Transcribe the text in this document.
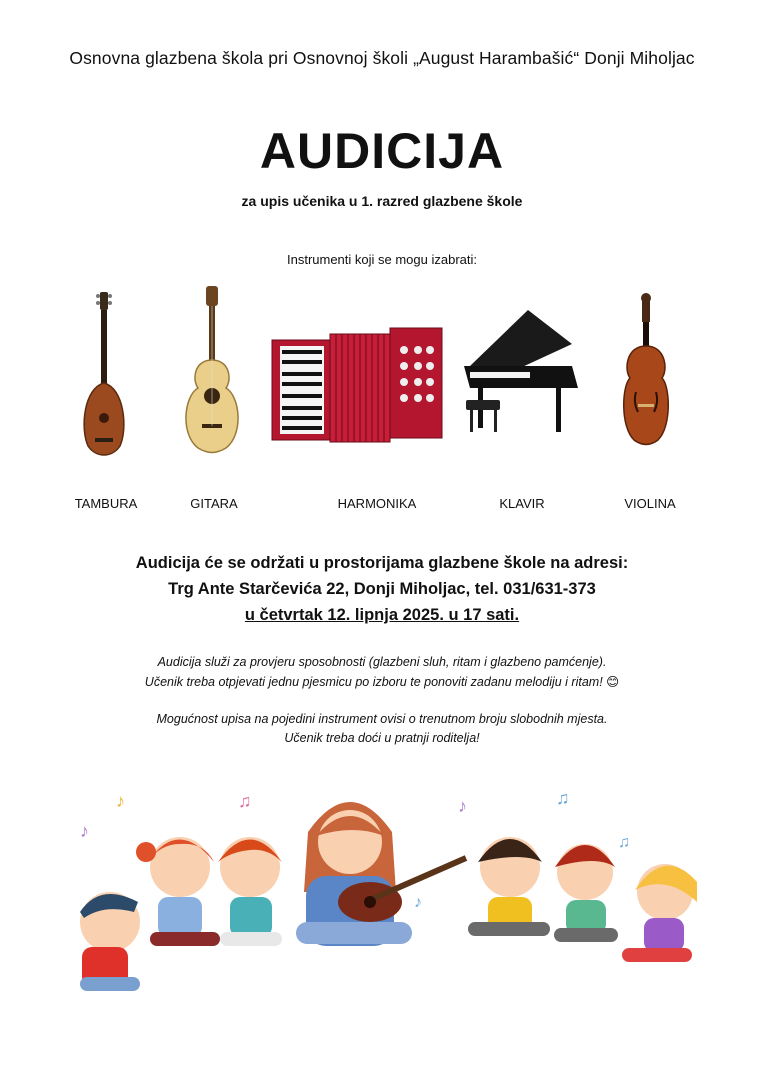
Osnovna glazbena škola pri Osnovnoj školi „August Harambašić“ Donji Miholjac
AUDICIJA
za upis učenika u 1. razred glazbene škole
Instrumenti koji se mogu izabrati:
TAMBURA	GITARA	HARMONIKA	KLAVIR	VIOLINA
Audicija će se održati u prostorijama glazbene škole na adresi:
Trg Ante Starčevića 22, Donji Miholjac, tel. 031/631-373
u četvrtak 12. lipnja 2025. u 17 sati.
Audicija služi za provjeru sposobnosti (glazbeni sluh, ritam i glazbeno pamćenje).
Učenik treba otpjevati jednu pjesmicu po izboru te ponoviti zadanu melodiju i ritam! 😊
Mogućnost upisa na pojedini instrument ovisi o trenutnom broju slobodnih mjesta.
Učenik treba doći u pratnji roditelja!
♪
♪	♫	♪	♫
♫
♪
